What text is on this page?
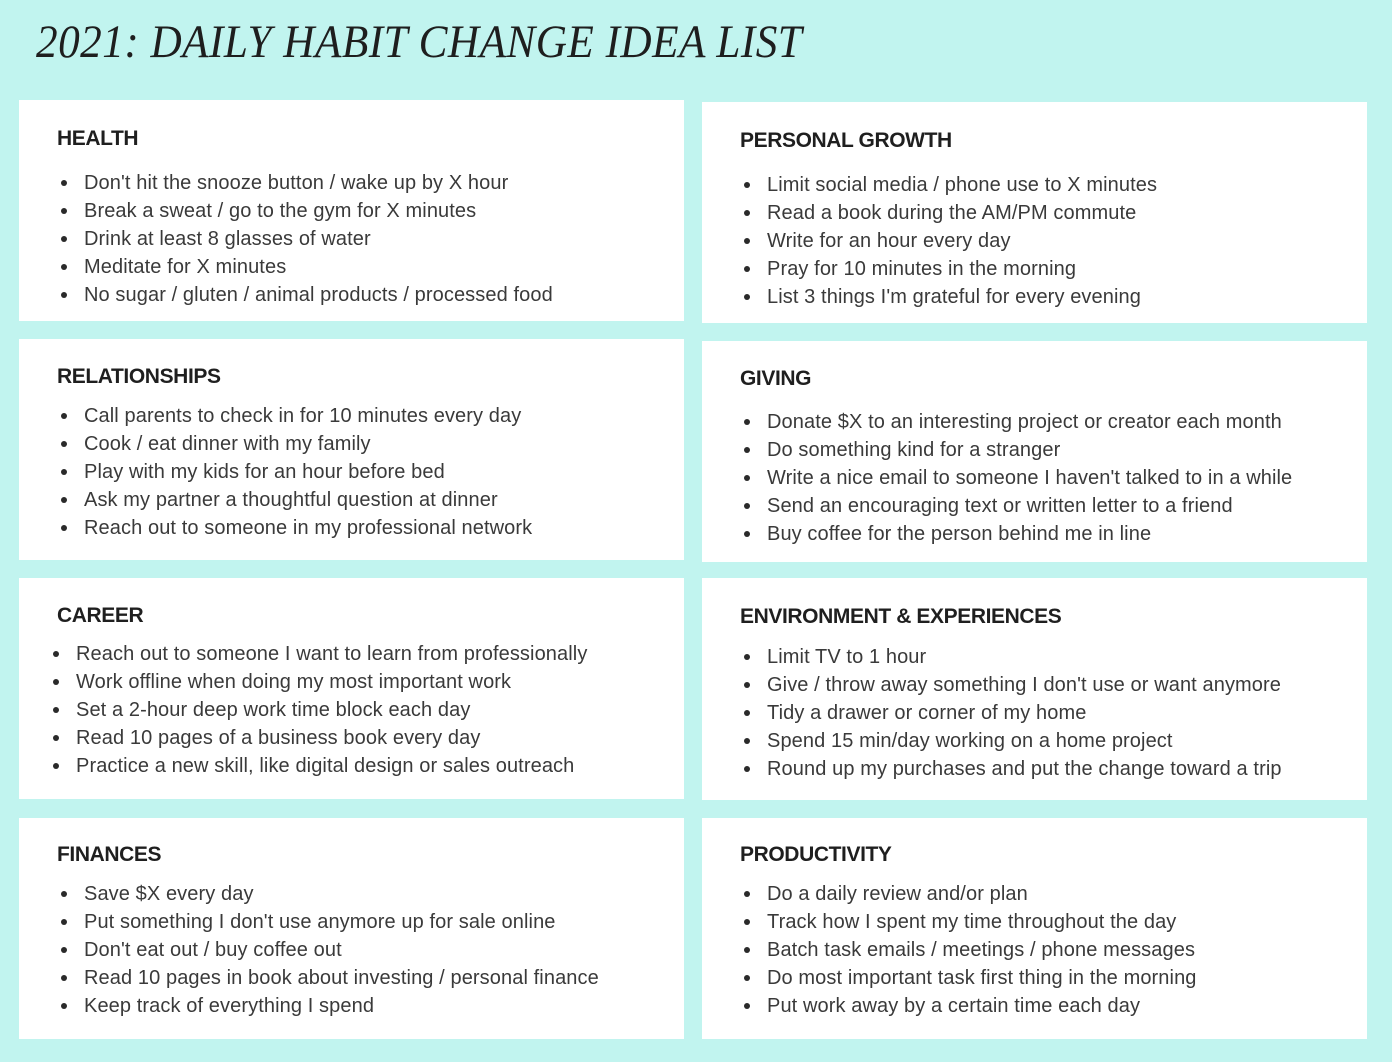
2021: DAILY HABIT CHANGE IDEA LIST
HEALTH
Don't hit the snooze button / wake up by X hour
Break a sweat / go to the gym for X minutes
Drink at least 8 glasses of water
Meditate for X minutes
No sugar / gluten / animal products / processed food
PERSONAL GROWTH
Limit social media / phone use to X minutes
Read a book during the AM/PM commute
Write for an hour every day
Pray for 10 minutes in the morning
List 3 things I'm grateful for every evening
RELATIONSHIPS
Call parents to check in for 10 minutes every day
Cook / eat dinner with my family
Play with my kids for an hour before bed
Ask my partner a thoughtful question at dinner
Reach out to someone in my professional network
GIVING
Donate $X to an interesting project or creator each month
Do something kind for a stranger
Write a nice email to someone I haven't talked to in a while
Send an encouraging text or written letter to a friend
Buy coffee for the person behind me in line
CAREER
Reach out to someone I want to learn from professionally
Work offline when doing my most important work
Set a 2-hour deep work time block each day
Read 10 pages of a business book every day
Practice a new skill, like digital design or sales outreach
ENVIRONMENT & EXPERIENCES
Limit TV to 1 hour
Give / throw away something I don't use or want anymore
Tidy a drawer or corner of my home
Spend 15 min/day working on a home project
Round up my purchases and put the change toward a trip
FINANCES
Save $X every day
Put something I don't use anymore up for sale online
Don't eat out / buy coffee out
Read 10 pages in book about investing / personal finance
Keep track of everything I spend
PRODUCTIVITY
Do a daily review and/or plan
Track how I spent my time throughout the day
Batch task emails / meetings / phone messages
Do most important task first thing in the morning
Put work away by a certain time each day
